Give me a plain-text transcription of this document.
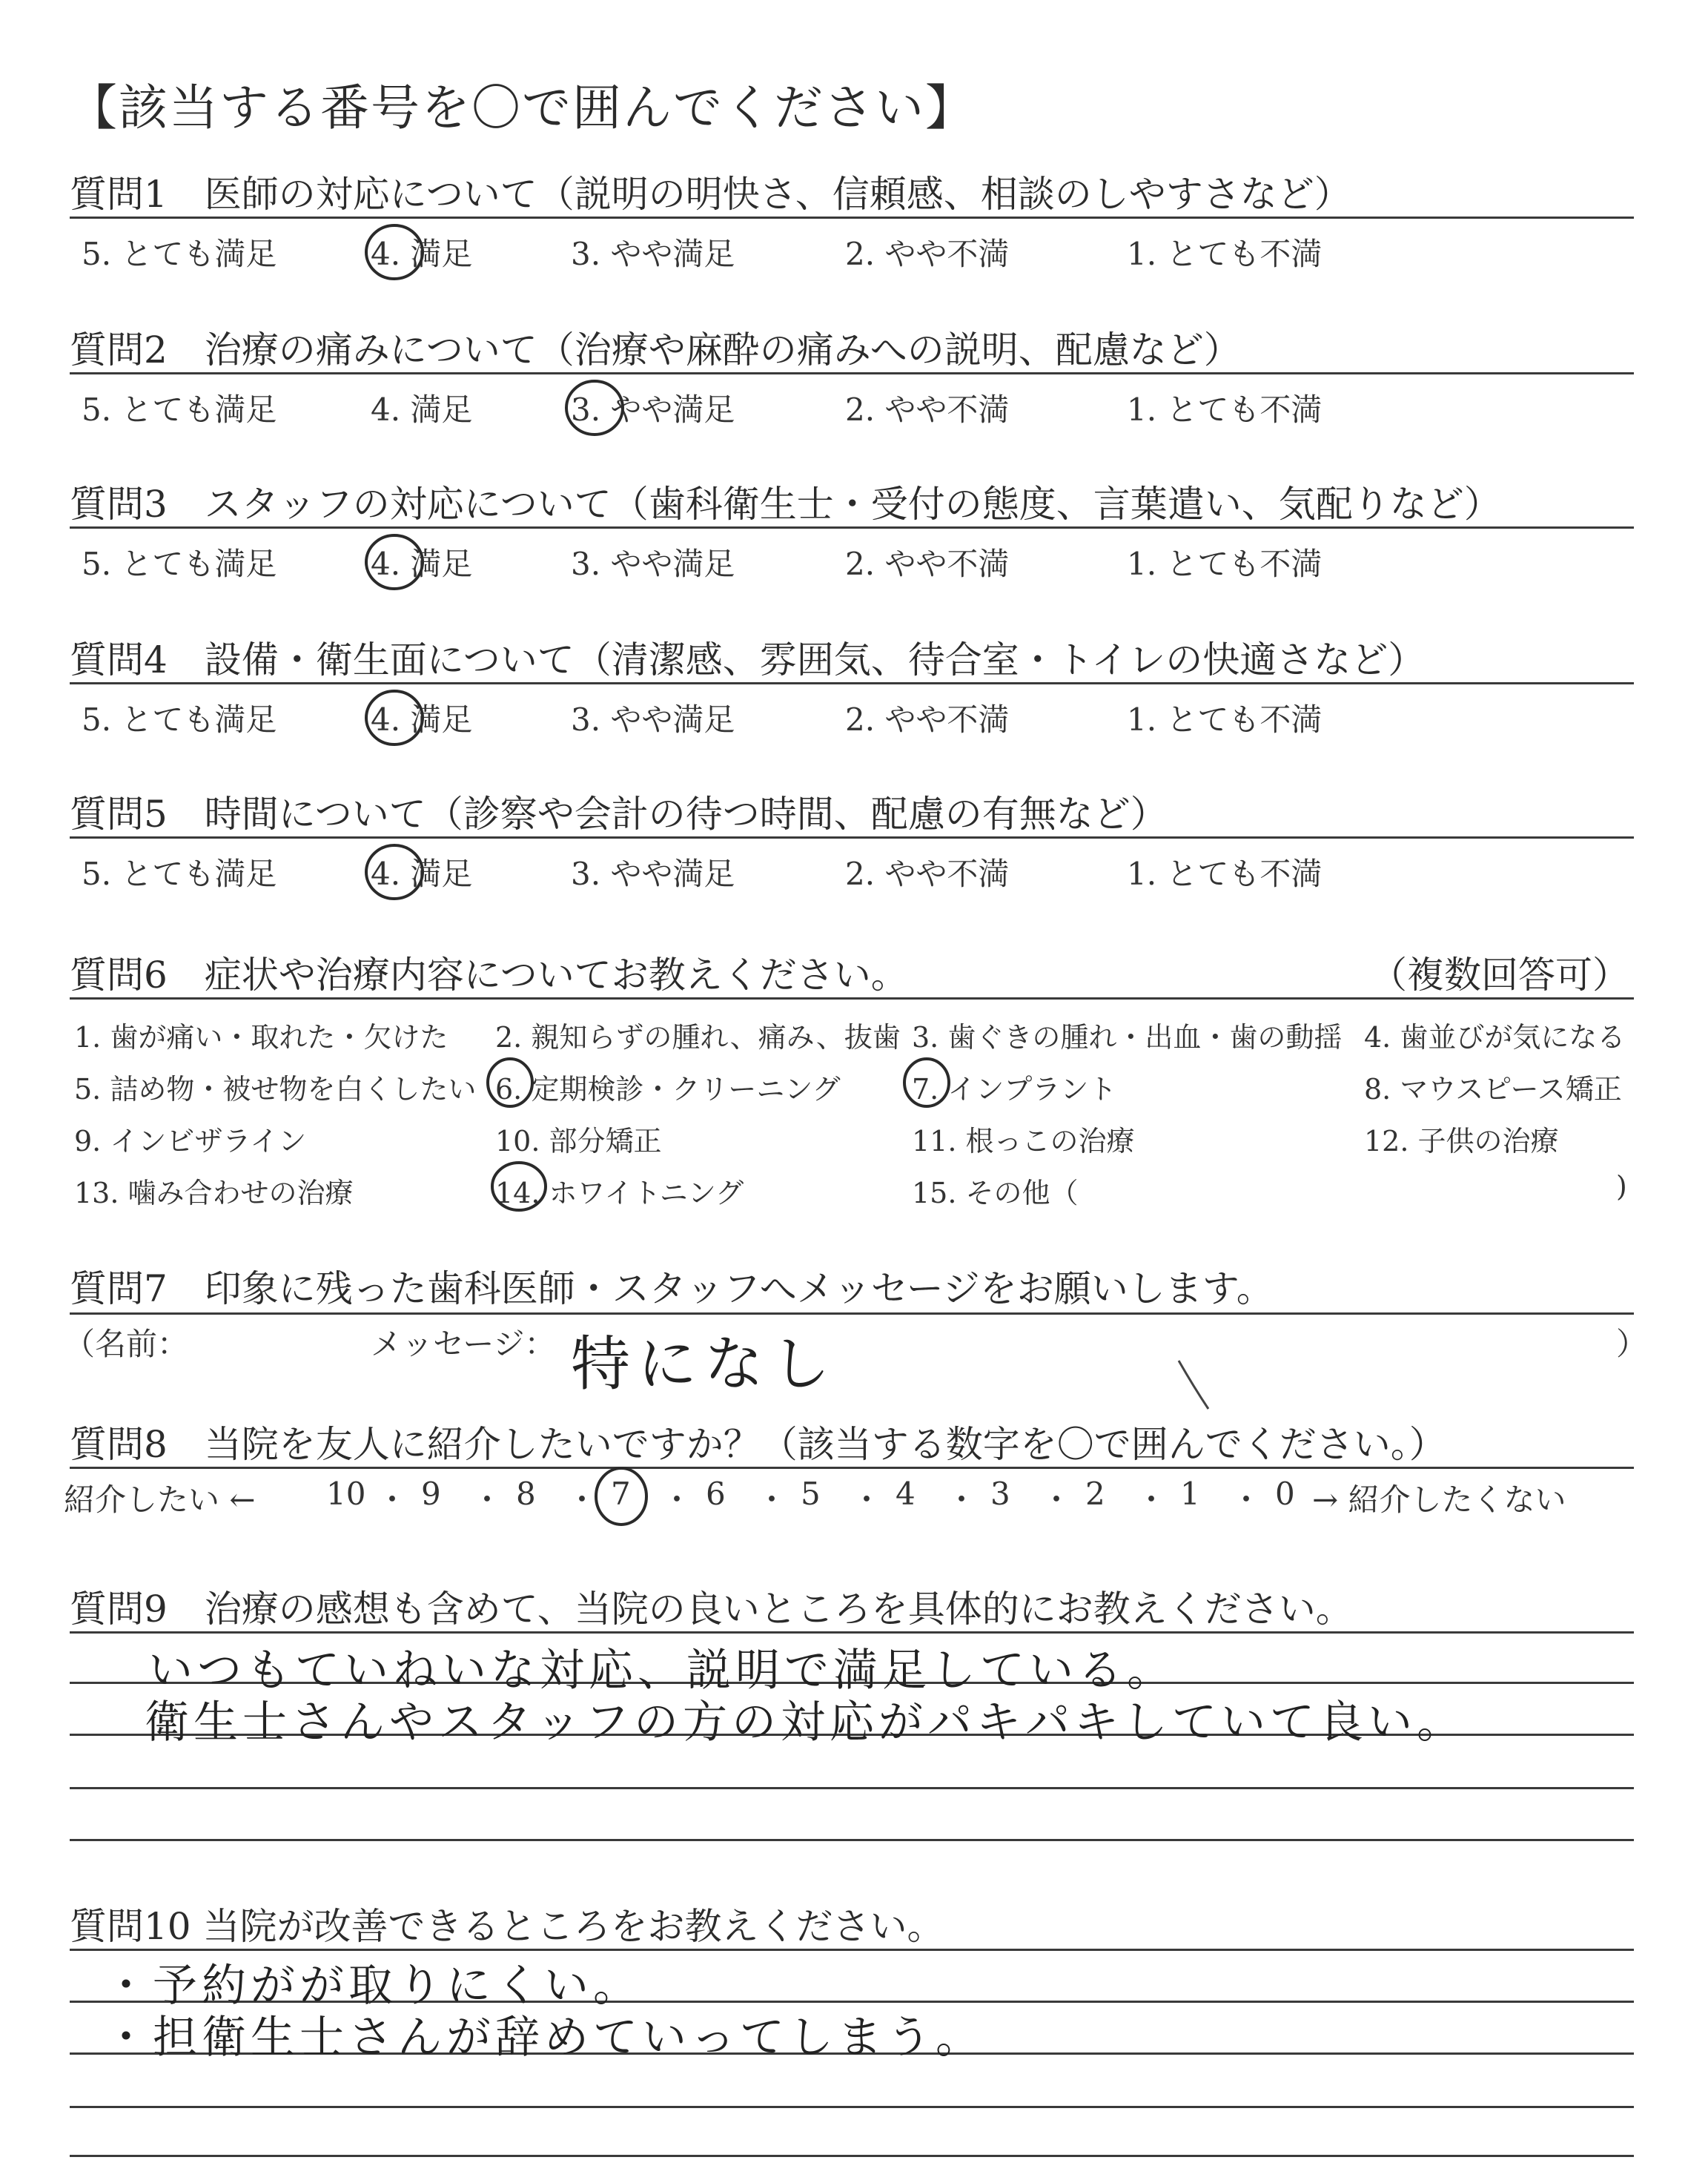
【該当する番号を〇で囲んでください】
質問1　医師の対応について（説明の明快さ、信頼感、相談のしやすさなど）
5. とても満足	4. 満足	3. やや満足	2. やや不満	1. とても不満
質問2　治療の痛みについて（治療や麻酔の痛みへの説明、配慮など）
5. とても満足	4. 満足	3. やや満足	2. やや不満	1. とても不満
質問3　スタッフの対応について（歯科衛生士・受付の態度、言葉遣い、気配りなど）
5. とても満足	4. 満足	3. やや満足	2. やや不満	1. とても不満
質問4　設備・衛生面について（清潔感、雰囲気、待合室・トイレの快適さなど）
5. とても満足	4. 満足	3. やや満足	2. やや不満	1. とても不満
質問5　時間について（診察や会計の待つ時間、配慮の有無など）
5. とても満足	4. 満足	3. やや満足	2. やや不満	1. とても不満
質問6　症状や治療内容についてお教えください。	（複数回答可）
1. 歯が痛い・取れた・欠けた 2. 親知らずの腫れ、痛み、抜歯 3. 歯ぐきの腫れ・出血・歯の動揺 4. 歯並びが気になる
5. 詰め物・被せ物を白くしたい 6. 定期検診・クリーニング	7. インプラント	8. マウスピース矯正
9. インビザライン	10. 部分矯正	11. 根っこの治療	12. 子供の治療
13. 噛み合わせの治療	14. ホワイトニング	15. その他（	)
質問7　印象に残った歯科医師・スタッフへメッセージをお願いします。
（名前：	メッセージ：	）
特になし
質問8　当院を友人に紹介したいですか？（該当する数字を〇で囲んでください。）
紹介したい ←	→ 紹介したくない
10 ・ 9 ・ 8 ・ 7 ・ 6 ・ 5 ・ 4 ・ 3 ・ 2 ・ 1 ・ 0
質問9　治療の感想も含めて、当院の良いところを具体的にお教えください。
いつもていねいな対応、説明で満足している。
衛生士さんやスタッフの方の対応がパキパキしていて良い。
質問10 当院が改善できるところをお教えください。
・予約がが取りにくい。
・担衛生士さんが辞めていってしまう。
